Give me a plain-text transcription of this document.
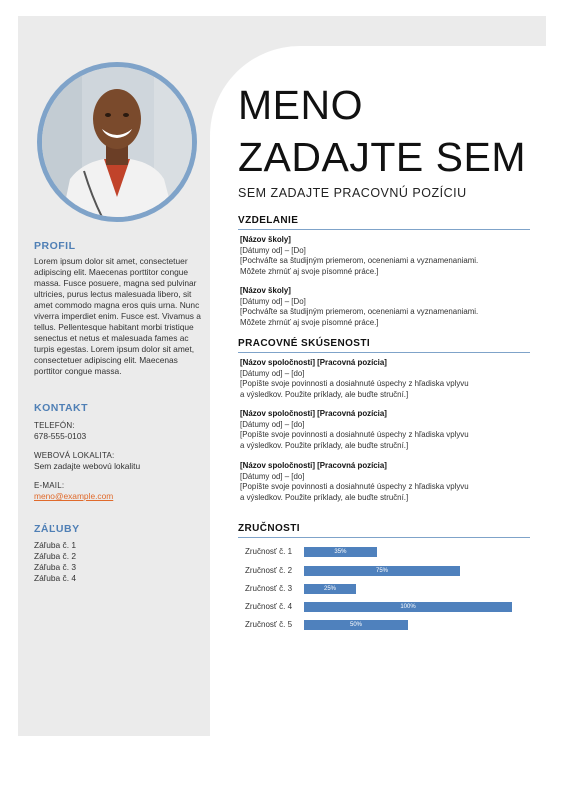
PROFIL
Lorem ipsum dolor sit amet, consectetuer adipiscing elit. Maecenas porttitor congue massa. Fusce posuere, magna sed pulvinar ultricies, purus lectus malesuada libero, sit amet commodo magna eros quis urna. Nunc viverra imperdiet enim. Fusce est. Vivamus a tellus. Pellentesque habitant morbi tristique senectus et netus et malesuada fames ac turpis egestas. Lorem ipsum dolor sit amet, consectetuer adipiscing elit. Maecenas porttitor congue massa.
KONTAKT
TELEFÓN:
678-555-0103
WEBOVÁ LOKALITA:
Sem zadajte webovú lokalitu
E-MAIL:
meno@example.com
ZÁĽUBY
Záľuba č. 1
Záľuba č. 2
Záľuba č. 3
Záľuba č. 4
MENO
ZADAJTE SEM
SEM ZADAJTE PRACOVNÚ POZÍCIU
VZDELANIE
[Názov školy]
[Dátumy od] – [Do]
[Pochváľte sa študijným priemerom, oceneniami a vyznamenaniami.
Môžete zhrnúť aj svoje písomné práce.]
[Názov školy]
[Dátumy od] – [Do]
[Pochváľte sa študijným priemerom, oceneniami a vyznamenaniami.
Môžete zhrnúť aj svoje písomné práce.]
PRACOVNÉ SKÚSENOSTI
[Názov spoločnosti] [Pracovná pozícia]
[Dátumy od] – [do]
[Popíšte svoje povinnosti a dosiahnuté úspechy z hľadiska vplyvu
a výsledkov. Použite príklady, ale buďte struční.]
[Názov spoločnosti] [Pracovná pozícia]
[Dátumy od] – [do]
[Popíšte svoje povinnosti a dosiahnuté úspechy z hľadiska vplyvu
a výsledkov. Použite príklady, ale buďte struční.]
[Názov spoločnosti] [Pracovná pozícia]
[Dátumy od] – [do]
[Popíšte svoje povinnosti a dosiahnuté úspechy z hľadiska vplyvu
a výsledkov. Použite príklady, ale buďte struční.]
ZRUČNOSTI
Zručnosť č. 1	35%
Zručnosť č. 2	75%
Zručnosť č. 3	25%
Zručnosť č. 4	100%
Zručnosť č. 5	50%
